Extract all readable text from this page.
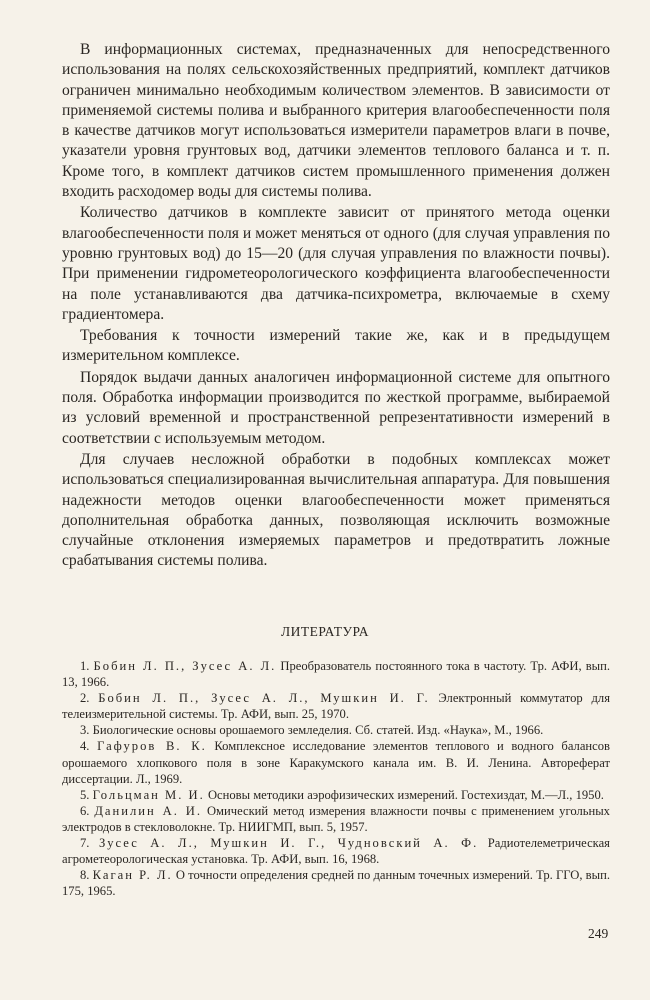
В информационных системах, предназначенных для непосредственного использования на полях сельскохозяйственных предприятий, комплект датчиков ограничен минимально необходимым количеством элементов. В зависимости от применяемой системы полива и выбранного критерия влагообеспеченности поля в качестве датчиков могут использоваться измерители параметров влаги в почве, указатели уровня грунтовых вод, датчики элементов теплового баланса и т. п. Кроме того, в комплект датчиков систем промышленного применения должен входить расходомер воды для системы полива.

Количество датчиков в комплекте зависит от принятого метода оценки влагообеспеченности поля и может меняться от одного (для случая управления по уровню грунтовых вод) до 15—20 (для случая управления по влажности почвы). При применении гидрометеорологического коэффициента влагообеспеченности на поле устанавливаются два датчика-психрометра, включаемые в схему градиентомера.

Требования к точности измерений такие же, как и в предыдущем измерительном комплексе.

Порядок выдачи данных аналогичен информационной системе для опытного поля. Обработка информации производится по жесткой программе, выбираемой из условий временной и пространственной репрезентативности измерений в соответствии с используемым методом.

Для случаев несложной обработки в подобных комплексах может использоваться специализированная вычислительная аппаратура. Для повышения надежности методов оценки влагообеспеченности может применяться дополнительная обработка данных, позволяющая исключить возможные случайные отклонения измеряемых параметров и предотвратить ложные срабатывания системы полива.

ЛИТЕРАТУРА

1. Бобин Л. П., Зусес А. Л. Преобразователь постоянного тока в частоту. Тр. АФИ, вып. 13, 1966.

2. Бобин Л. П., Зусес А. Л., Мушкин И. Г. Электронный коммутатор для телеизмерительной системы. Тр. АФИ, вып. 25, 1970.

3. Биологические основы орошаемого земледелия. Сб. статей. Изд. «Наука», М., 1966.

4. Гафуров В. К. Комплексное исследование элементов теплового и водного балансов орошаемого хлопкового поля в зоне Каракумского канала им. В. И. Ленина. Автореферат диссертации. Л., 1969.

5. Гольцман М. И. Основы методики аэрофизических измерений. Гостехиздат, М.—Л., 1950.

6. Данилин А. И. Омический метод измерения влажности почвы с применением угольных электродов в стекловолокне. Тр. НИИГМП, вып. 5, 1957.

7. Зусес А. Л., Мушкин И. Г., Чудновский А. Ф. Радиотелеметрическая агрометеорологическая установка. Тр. АФИ, вып. 16, 1968.

8. Каган Р. Л. О точности определения средней по данным точечных измерений. Тр. ГГО, вып. 175, 1965.

249
